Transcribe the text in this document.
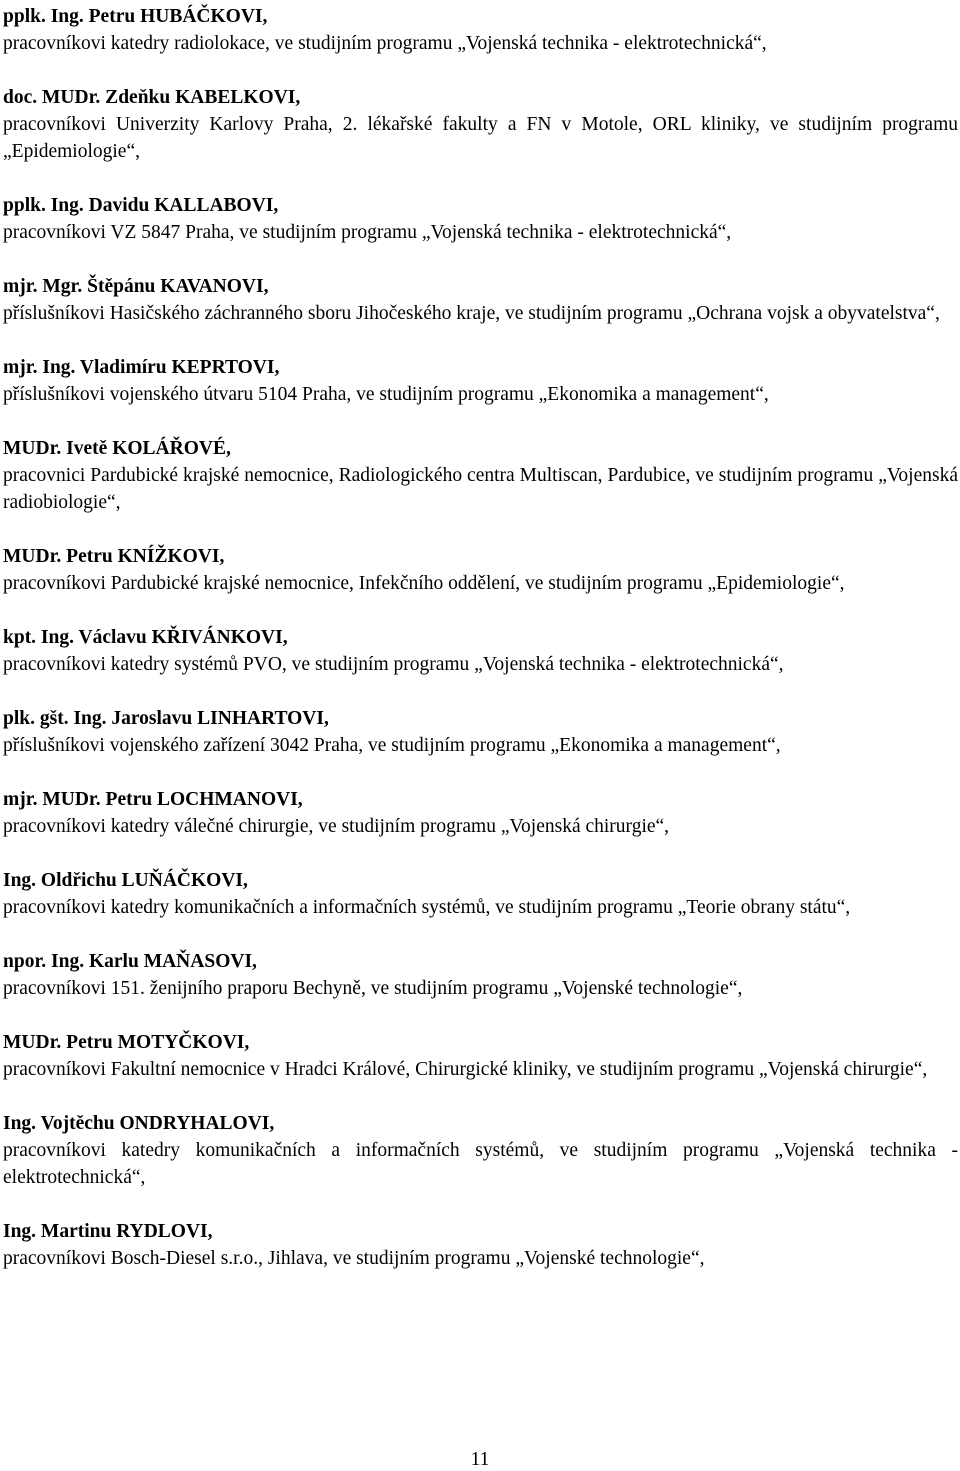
pplk. Ing. Petru HUBÁČKOVI,
pracovníkovi katedry radiolokace, ve studijním programu „Vojenská technika - elektrotechnická“,
doc. MUDr. Zdeňku KABELKOVI,
pracovníkovi Univerzity Karlovy Praha, 2. lékařské fakulty a FN v Motole, ORL kliniky, ve studijním programu „Epidemiologie“,
pplk. Ing. Davidu KALLABOVI,
pracovníkovi VZ 5847 Praha, ve studijním programu „Vojenská technika - elektrotechnická“,
mjr. Mgr. Štěpánu KAVANOVI,
příslušníkovi Hasičského záchranného sboru Jihočeského kraje, ve studijním programu „Ochrana vojsk a obyvatelstva“,
mjr. Ing. Vladimíru KEPRTOVI,
příslušníkovi vojenského útvaru 5104 Praha, ve studijním programu „Ekonomika a management“,
MUDr. Ivetě KOLÁŘOVÉ,
pracovnici Pardubické krajské nemocnice, Radiologického centra Multiscan, Pardubice, ve studijním programu „Vojenská radiobiologie“,
MUDr. Petru KNÍŽKOVI,
pracovníkovi Pardubické krajské nemocnice, Infekčního oddělení, ve studijním programu „Epidemiologie“,
kpt. Ing. Václavu KŘIVÁNKOVI,
pracovníkovi katedry systémů PVO, ve studijním programu „Vojenská technika - elektrotechnická“,
plk. gšt. Ing. Jaroslavu LINHARTOVI,
příslušníkovi vojenského zařízení 3042 Praha, ve studijním programu „Ekonomika a management“,
mjr. MUDr. Petru LOCHMANOVI,
pracovníkovi katedry válečné chirurgie, ve studijním programu „Vojenská chirurgie“,
Ing. Oldřichu LUŇÁČKOVI,
pracovníkovi katedry komunikačních a informačních systémů, ve studijním programu „Teorie obrany státu“,
npor. Ing. Karlu MAŇASOVI,
pracovníkovi 151. ženijního praporu Bechyně, ve studijním programu „Vojenské technologie“,
MUDr. Petru MOTYČKOVI,
pracovníkovi Fakultní nemocnice v Hradci Králové, Chirurgické kliniky, ve studijním programu „Vojenská chirurgie“,
Ing. Vojtěchu ONDRYHALOVI,
pracovníkovi katedry komunikačních a informačních systémů, ve studijním programu „Vojenská technika - elektrotechnická“,
Ing. Martinu RYDLOVI,
pracovníkovi Bosch-Diesel s.r.o., Jihlava, ve studijním programu „Vojenské technologie“,
11
